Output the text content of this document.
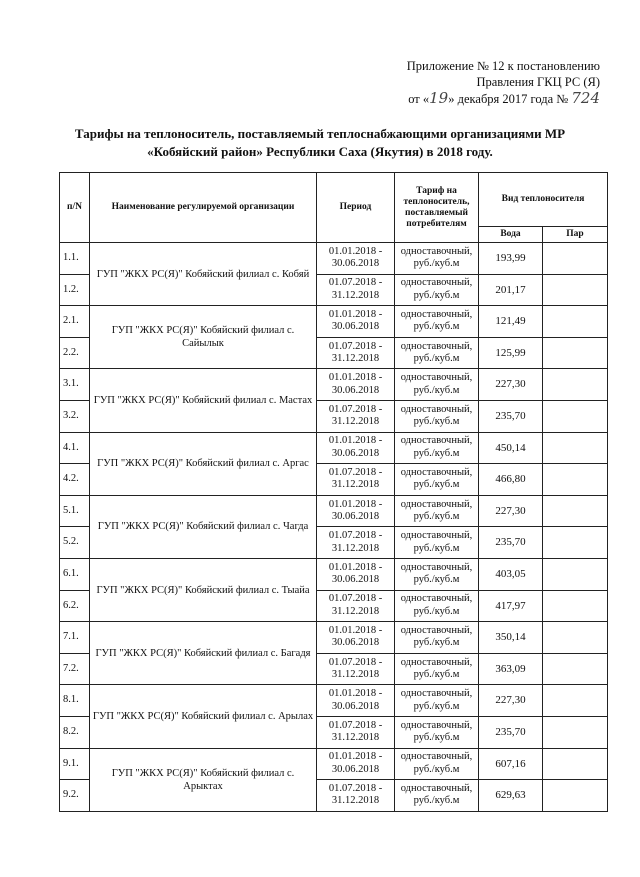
Приложение № 12 к постановлению
Правления ГКЦ РС (Я)
от «19» декабря 2017 года № 724
Тарифы на теплоноситель, поставляемый теплоснабжающими организациями МР
«Кобяйский район» Республики Саха (Якутия) в 2018 году.
п/N	Наименование регулируемой организации	Период	Тариф на теплоноситель, поставляемый потребителям	Вид теплоносителя	
				Вода	Пар
1.1.	ГУП "ЖКХ РС(Я)" Кобяйский филиал с. Кобяй	01.01.2018 - 30.06.2018	одноставочный, руб./куб.м	193,99	
1.2.		01.07.2018 - 31.12.2018	одноставочный, руб./куб.м	201,17	
2.1.	ГУП "ЖКХ РС(Я)" Кобяйский филиал с. Сайылык	01.01.2018 - 30.06.2018	одноставочный, руб./куб.м	121,49	
2.2.		01.07.2018 - 31.12.2018	одноставочный, руб./куб.м	125,99	
3.1.	ГУП "ЖКХ РС(Я)" Кобяйский филиал с. Мастах	01.01.2018 - 30.06.2018	одноставочный, руб./куб.м	227,30	
3.2.		01.07.2018 - 31.12.2018	одноставочный, руб./куб.м	235,70	
4.1.	ГУП "ЖКХ РС(Я)" Кобяйский филиал с. Аргас	01.01.2018 - 30.06.2018	одноставочный, руб./куб.м	450,14	
4.2.		01.07.2018 - 31.12.2018	одноставочный, руб./куб.м	466,80	
5.1.	ГУП "ЖКХ РС(Я)" Кобяйский филиал с. Чагда	01.01.2018 - 30.06.2018	одноставочный, руб./куб.м	227,30	
5.2.		01.07.2018 - 31.12.2018	одноставочный, руб./куб.м	235,70	
6.1.	ГУП "ЖКХ РС(Я)" Кобяйский филиал с. Тыайа	01.01.2018 - 30.06.2018	одноставочный, руб./куб.м	403,05	
6.2.		01.07.2018 - 31.12.2018	одноставочный, руб./куб.м	417,97	
7.1.	ГУП "ЖКХ РС(Я)" Кобяйский филиал с. Багадя	01.01.2018 - 30.06.2018	одноставочный, руб./куб.м	350,14	
7.2.		01.07.2018 - 31.12.2018	одноставочный, руб./куб.м	363,09	
8.1.	ГУП "ЖКХ РС(Я)" Кобяйский филиал с. Арылах	01.01.2018 - 30.06.2018	одноставочный, руб./куб.м	227,30	
8.2.		01.07.2018 - 31.12.2018	одноставочный, руб./куб.м	235,70	
9.1.	ГУП "ЖКХ РС(Я)" Кобяйский филиал с. Арыктах	01.01.2018 - 30.06.2018	одноставочный, руб./куб.м	607,16	
9.2.		01.07.2018 - 31.12.2018	одноставочный, руб./куб.м	629,63	
